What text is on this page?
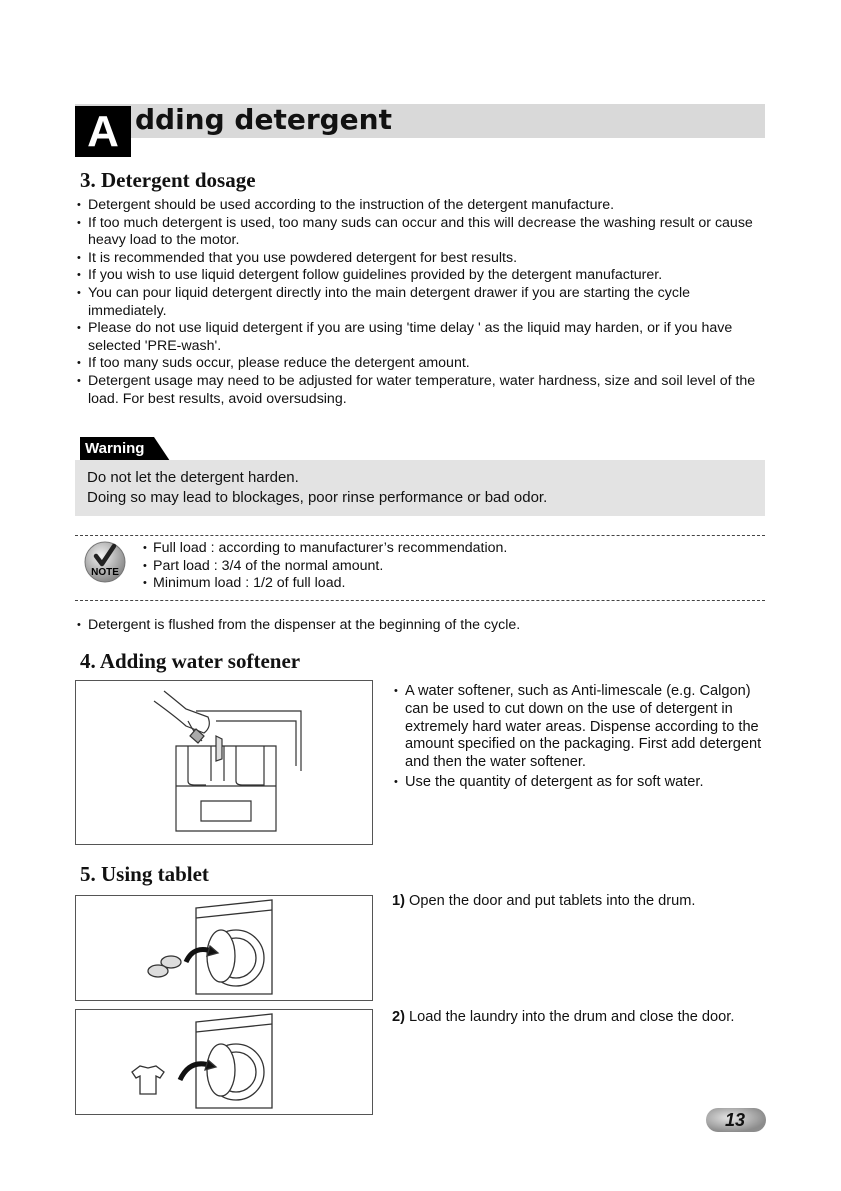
A dding detergent
3. Detergent dosage
• Detergent should be used according to the instruction of the detergent manufacture.
• If too much detergent is used, too many suds can occur and this will decrease the washing result or cause heavy load to the motor.
• It is recommended that you use powdered detergent for best results.
• If you wish to use liquid detergent follow guidelines provided by the detergent manufacturer.
• You can pour liquid detergent directly into the main detergent drawer if you are starting the cycle immediately.
• Please do not use liquid detergent if you are using 'time delay ' as the liquid may harden, or if you have selected 'PRE-wash'.
• If too many suds occur, please reduce the detergent amount.
• Detergent usage may need to be adjusted for water temperature, water hardness, size and soil level of the load. For best results, avoid oversudsing.
Warning

Do not let the detergent harden.

Doing so may lead to blockages, poor rinse performance or bad odor.

NOTE
• Full load : according to manufacturer’s recommendation.
• Part load : 3/4 of the normal amount.
• Minimum load : 1/2 of full load.
• Detergent is flushed from the dispenser at the beginning of the cycle.
4. Adding water softener
• A water softener, such as Anti-limescale (e.g. Calgon) can be used to cut down on the use of detergent in extremely hard water areas. Dispense according to the amount specified on the packaging. First add detergent and then the water softener.
• Use the quantity of detergent as for soft water.
5. Using tablet
1) Open the door and put tablets into the drum.
2) Load the laundry into the drum and close the door.
13
